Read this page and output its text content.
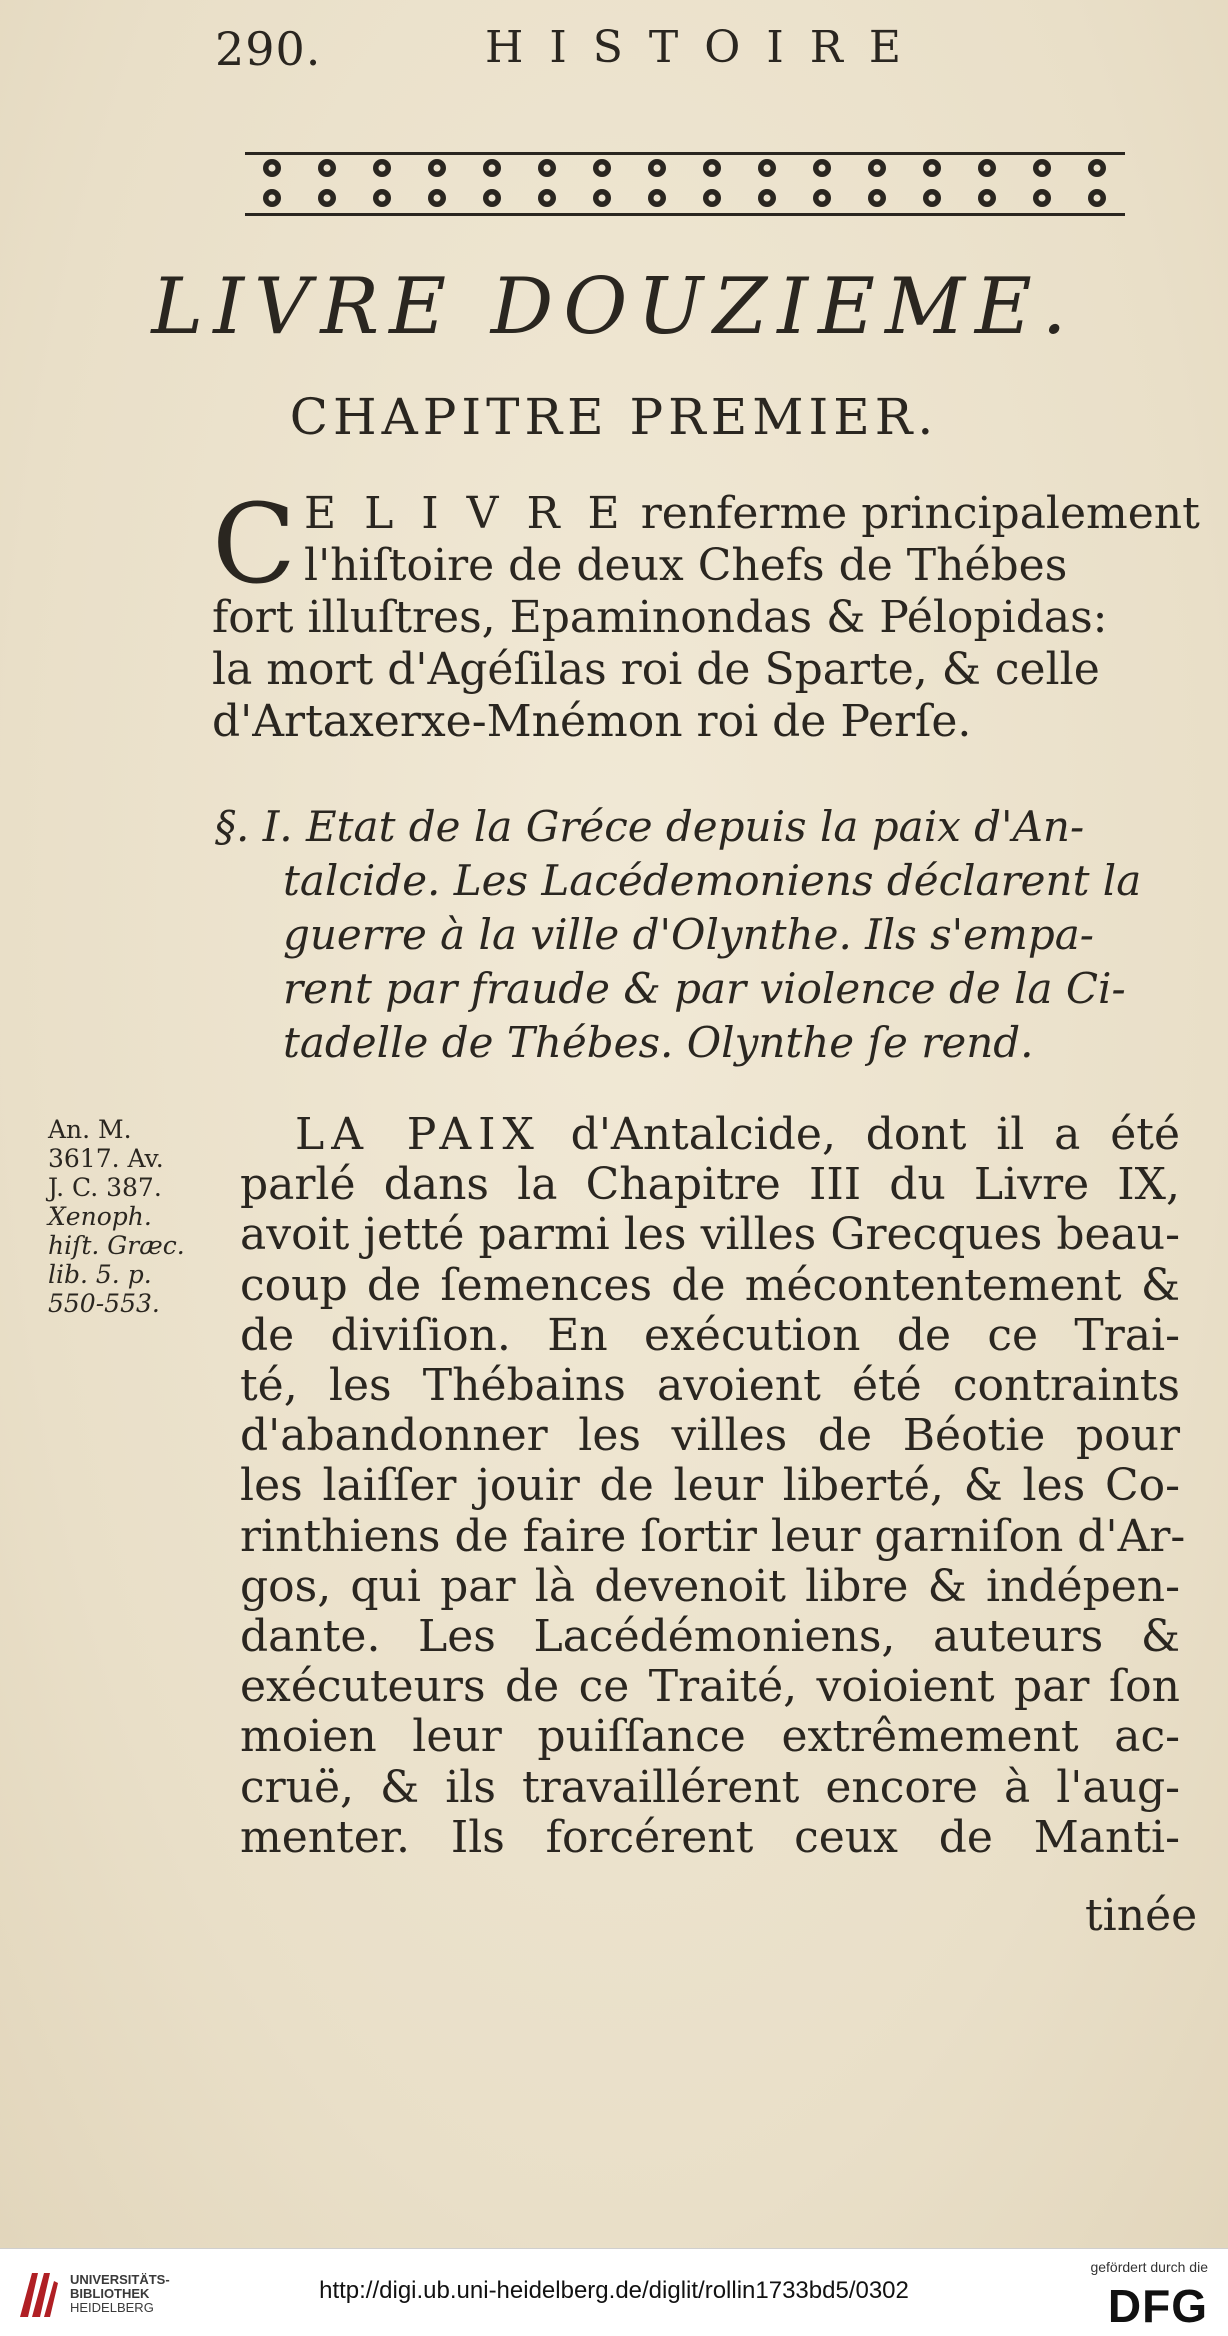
290.	HISTOIRE
LIVRE DOUZIEME.
CHAPITRE PREMIER.
C E L I V R E renferme principalement
l'hiſtoire de deux Chefs de Thébes
fort illuſtres, Epaminondas & Pélopidas:
la mort d'Agéſilas roi de Sparte, & celle
d'Artaxerxe-Mnémon roi de Perſe.
§. I. Etat de la Gréce depuis la paix d'An-
talcide. Les Lacédemoniens déclarent la
guerre à la ville d'Olynthe. Ils s'empa-
rent par fraude & par violence de la Ci-
tadelle de Thébes. Olynthe ſe rend.
An. M.
3617. Av.
J. C. 387.
Xenoph.
hiſt. Græc.
lib. 5. p.
550-553.
LA PAIX d'Antalcide, dont il a été
parlé dans la Chapitre III du Livre IX,
avoit jetté parmi les villes Grecques beau-
coup de ſemences de mécontentement &
de diviſion. En exécution de ce Trai-
té, les Thébains avoient été contraints
d'abandonner les villes de Béotie pour
les laiſſer jouir de leur liberté, & les Co-
rinthiens de faire ſortir leur garniſon d'Ar-
gos, qui par là devenoit libre & indépen-
dante. Les Lacédémoniens, auteurs &
exécuteurs de ce Traité, voioient par ſon
moien leur puiſſance extrêmement ac-
cruë, & ils travaillérent encore à l'aug-
menter. Ils forcérent ceux de Manti-
tinée
UNIVERSITÄTS-
BIBLIOTHEK
HEIDELBERG
http://digi.ub.uni-heidelberg.de/diglit/rollin1733bd5/0302
gefördert durch die
DFG
